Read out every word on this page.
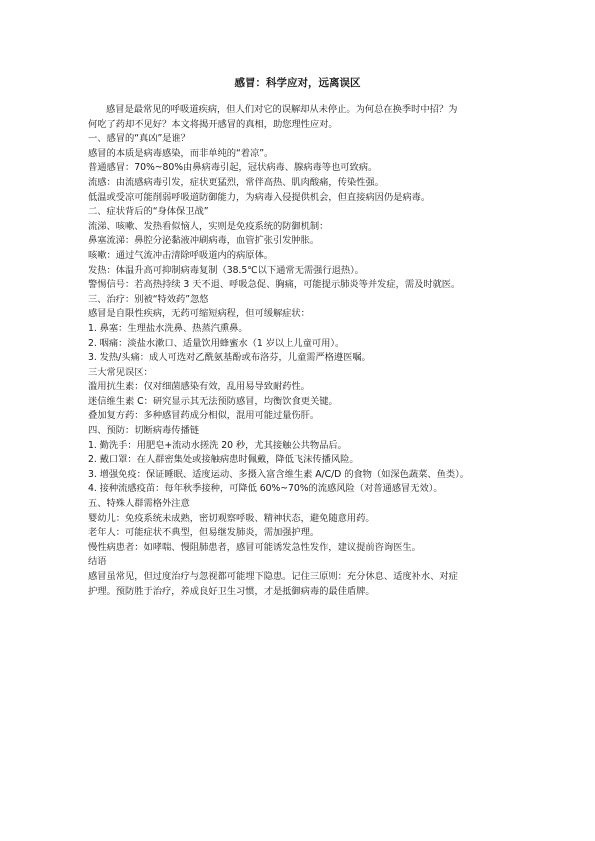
感冒：科学应对，远离误区

感冒是最常见的呼吸道疾病，但人们对它的误解却从未停止。为何总在换季时中招？为

何吃了药却不见好？本文将揭开感冒的真相，助您理性应对。

一、感冒的“真凶”是谁？

感冒的本质是病毒感染，而非单纯的“着凉”。

普通感冒：70%~80%由鼻病毒引起，冠状病毒、腺病毒等也可致病。

流感：由流感病毒引发，症状更猛烈，常伴高热、肌肉酸痛，传染性强。

低温或受凉可能削弱呼吸道防御能力，为病毒入侵提供机会，但直接病因仍是病毒。

二、症状背后的“身体保卫战”

流涕、咳嗽、发热看似恼人，实则是免疫系统的防御机制：

鼻塞流涕：鼻腔分泌黏液冲刷病毒，血管扩张引发肿胀。

咳嗽：通过气流冲击清除呼吸道内的病原体。

发热：体温升高可抑制病毒复制（38.5℃以下通常无需强行退热）。

警惕信号：若高热持续 3 天不退、呼吸急促、胸痛，可能提示肺炎等并发症，需及时就医。

三、治疗：别被“特效药”忽悠

感冒是自限性疾病，无药可缩短病程，但可缓解症状：

1. 鼻塞：生理盐水洗鼻、热蒸汽熏鼻。

2. 咽痛：淡盐水漱口、适量饮用蜂蜜水（1 岁以上儿童可用）。

3. 发热/头痛：成人可选对乙酰氨基酚或布洛芬，儿童需严格遵医嘱。

三大常见误区：

滥用抗生素：仅对细菌感染有效，乱用易导致耐药性。

迷信维生素 C：研究显示其无法预防感冒，均衡饮食更关键。

叠加复方药：多种感冒药成分相似，混用可能过量伤肝。

四、预防：切断病毒传播链

1. 勤洗手：用肥皂+流动水搓洗 20 秒，尤其接触公共物品后。

2. 戴口罩：在人群密集处或接触病患时佩戴，降低飞沫传播风险。

3. 增强免疫：保证睡眠、适度运动、多摄入富含维生素 A/C/D 的食物（如深色蔬菜、鱼类）。

4. 接种流感疫苗：每年秋季接种，可降低 60%~70%的流感风险（对普通感冒无效）。

五、特殊人群需格外注意

婴幼儿：免疫系统未成熟，密切观察呼吸、精神状态，避免随意用药。

老年人：可能症状不典型，但易继发肺炎，需加强护理。

慢性病患者：如哮喘、慢阻肺患者，感冒可能诱发急性发作，建议提前咨询医生。

结语

感冒虽常见，但过度治疗与忽视都可能埋下隐患。记住三原则：充分休息、适度补水、对症

护理。预防胜于治疗，养成良好卫生习惯，才是抵御病毒的最佳盾牌。
